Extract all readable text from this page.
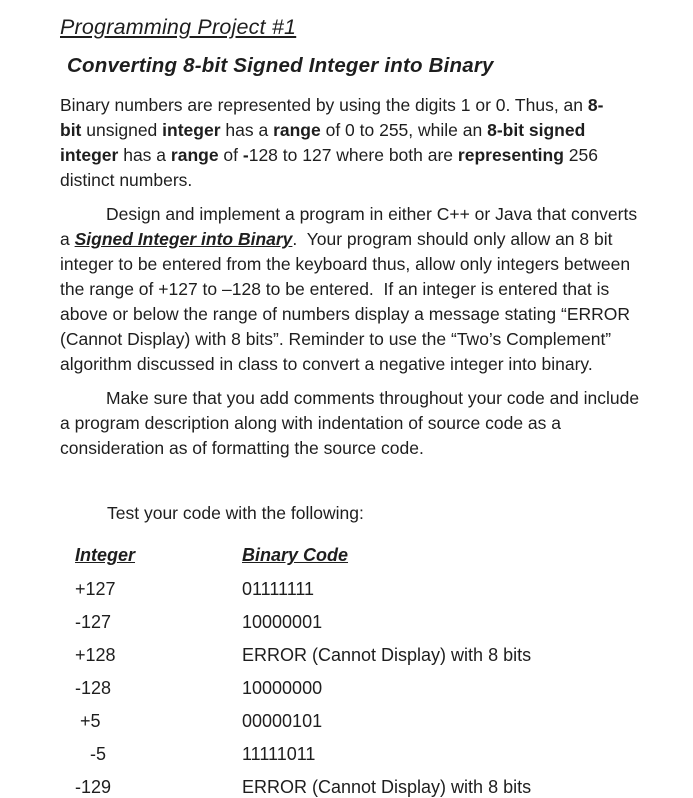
Programming Project #1
Converting 8-bit Signed Integer into Binary

Binary numbers are represented by using the digits 1 or 0. Thus, an 8-
bit unsigned integer has a range of 0 to 255, while an 8-bit signed
integer has a range of -128 to 127 where both are representing 256
distinct numbers.

Design and implement a program in either C++ or Java that converts
a Signed Integer into Binary.  Your program should only allow an 8 bit
integer to be entered from the keyboard thus, allow only integers between
the range of +127 to –128 to be entered.  If an integer is entered that is
above or below the range of numbers display a message stating “ERROR
(Cannot Display) with 8 bits”. Reminder to use the “Two’s Complement”
algorithm discussed in class to convert a negative integer into binary.

Make sure that you add comments throughout your code and include
a program description along with indentation of source code as a
consideration as of formatting the source code.

Test your code with the following:
Integer	Binary Code
+127	01111111
-127	10000001
+128	ERROR (Cannot Display) with 8 bits
-128	10000000
+5	00000101
-5	11111011
-129	ERROR (Cannot Display) with 8 bits
